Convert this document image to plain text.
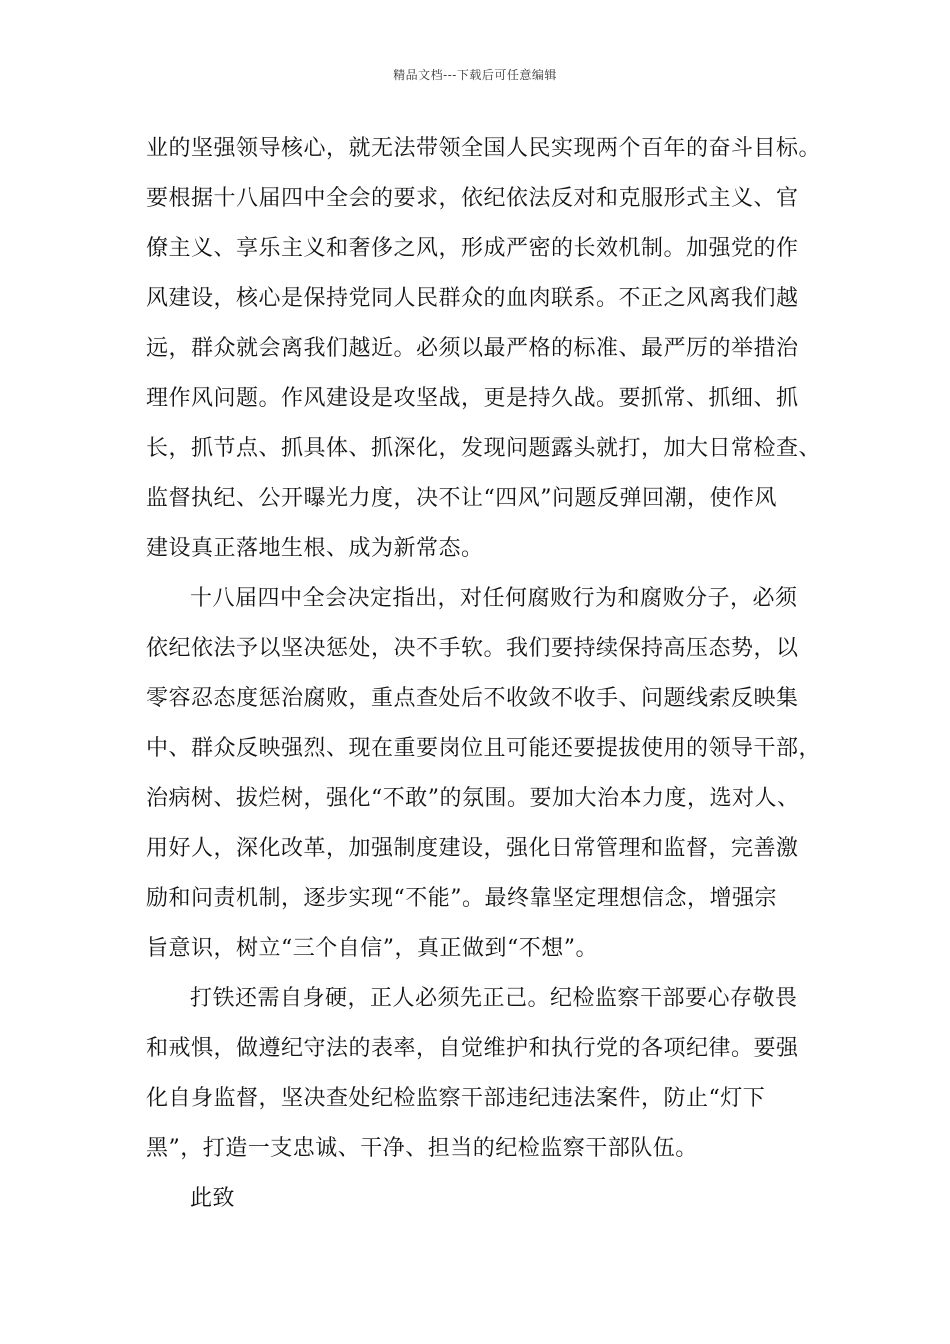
精品文档---下载后可任意编辑
业的坚强领导核心，就无法带领全国人民实现两个百年的奋斗目标。
要根据十八届四中全会的要求，依纪依法反对和克服形式主义、官
僚主义、享乐主义和奢侈之风，形成严密的长效机制。加强党的作
风建设，核心是保持党同人民群众的血肉联系。不正之风离我们越
远，群众就会离我们越近。必须以最严格的标准、最严厉的举措治
理作风问题。作风建设是攻坚战，更是持久战。要抓常、抓细、抓
长，抓节点、抓具体、抓深化，发现问题露头就打，加大日常检查、
监督执纪、公开曝光力度，决不让“四风”问题反弹回潮，使作风
建设真正落地生根、成为新常态。
十八届四中全会决定指出，对任何腐败行为和腐败分子，必须
依纪依法予以坚决惩处，决不手软。我们要持续保持高压态势，以
零容忍态度惩治腐败，重点查处后不收敛不收手、问题线索反映集
中、群众反映强烈、现在重要岗位且可能还要提拔使用的领导干部，
治病树、拔烂树，强化“不敢”的氛围。要加大治本力度，选对人、
用好人，深化改革，加强制度建设，强化日常管理和监督，完善激
励和问责机制，逐步实现“不能”。最终靠坚定理想信念，增强宗
旨意识，树立“三个自信”，真正做到“不想”。
打铁还需自身硬，正人必须先正己。纪检监察干部要心存敬畏
和戒惧，做遵纪守法的表率，自觉维护和执行党的各项纪律。要强
化自身监督，坚决查处纪检监察干部违纪违法案件，防止“灯下
黑”，打造一支忠诚、干净、担当的纪检监察干部队伍。
此致
